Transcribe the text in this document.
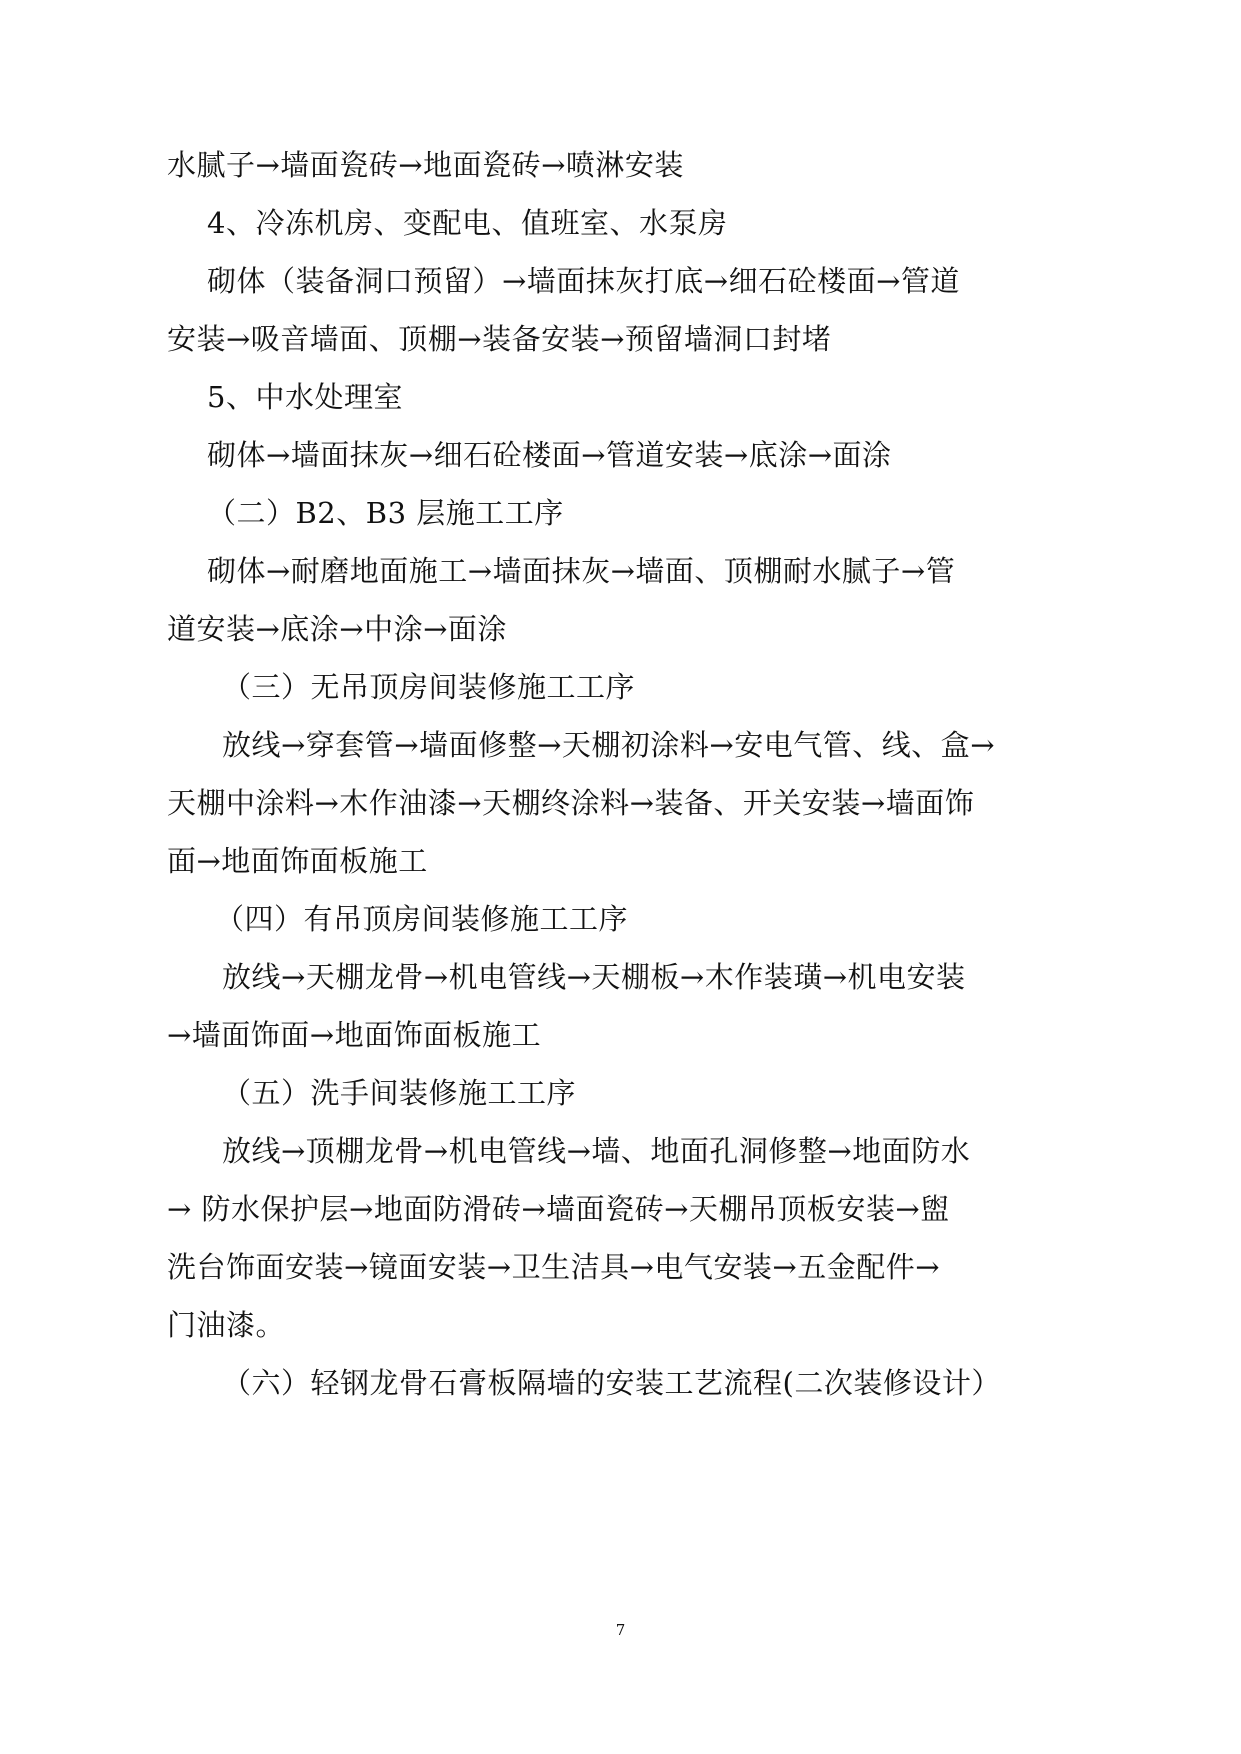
水腻子→墙面瓷砖→地面瓷砖→喷淋安装
4、冷冻机房、变配电、值班室、水泵房
砌体（装备洞口预留）→墙面抹灰打底→细石砼楼面→管道
安装→吸音墙面、顶棚→装备安装→预留墙洞口封堵
5、中水处理室
砌体→墙面抹灰→细石砼楼面→管道安装→底涂→面涂
（二）B2、B3 层施工工序
砌体→耐磨地面施工→墙面抹灰→墙面、顶棚耐水腻子→管
道安装→底涂→中涂→面涂
（三）无吊顶房间装修施工工序
放线→穿套管→墙面修整→天棚初涂料→安电气管、线、盒→
天棚中涂料→木作油漆→天棚终涂料→装备、开关安装→墙面饰
面→地面饰面板施工
（四）有吊顶房间装修施工工序
放线→天棚龙骨→机电管线→天棚板→木作装璜→机电安装
→墙面饰面→地面饰面板施工
（五）洗手间装修施工工序
放线→顶棚龙骨→机电管线→墙、地面孔洞修整→地面防水
→ 防水保护层→地面防滑砖→墙面瓷砖→天棚吊顶板安装→盥
洗台饰面安装→镜面安装→卫生洁具→电气安装→五金配件→
门油漆。
（六）轻钢龙骨石膏板隔墙的安装工艺流程(二次装修设计）
7
